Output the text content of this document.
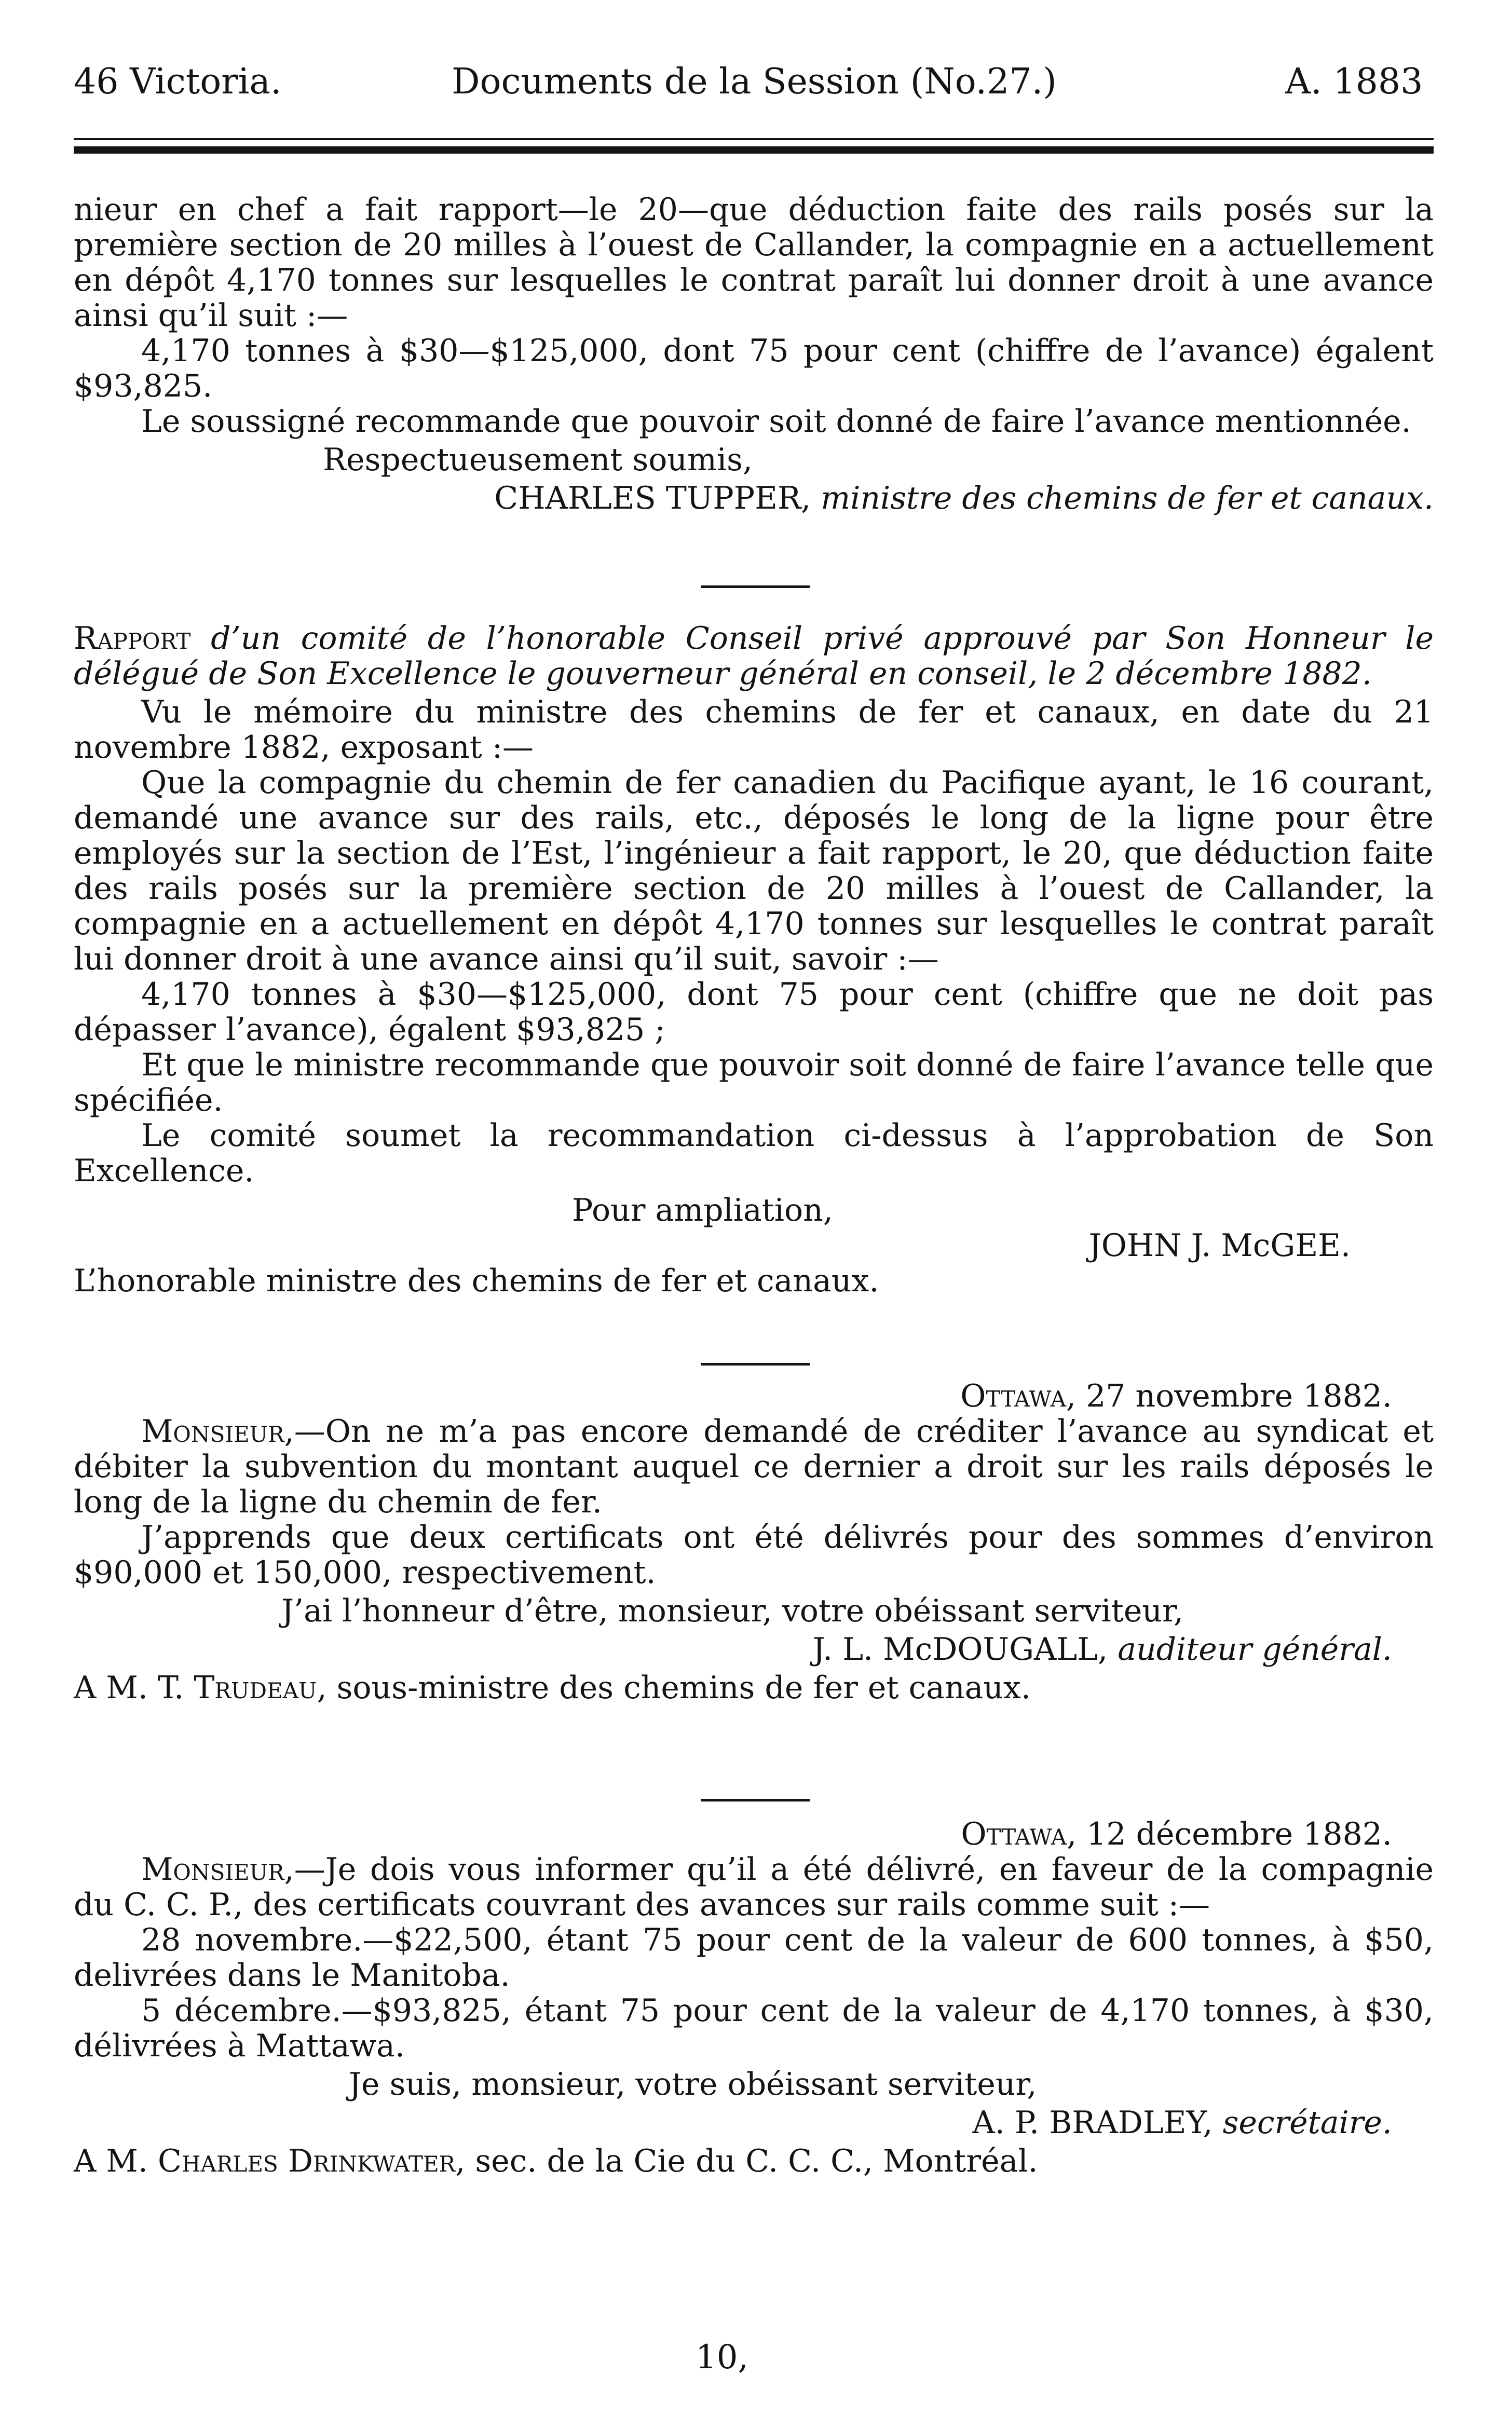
46 Victoria.	Documents de la Session (No.27.)	A. 1883

nieur en chef a fait rapport—le 20—que déduction faite des rails posés sur la première section de 20 milles à l’ouest de Callander, la compagnie en a actuellement en dépôt 4,170 tonnes sur lesquelles le contrat paraît lui donner droit à une avance ainsi qu’il suit :—

4,170 tonnes à $30—$125,000, dont 75 pour cent (chiffre de l’avance) égalent $93,825.

Le soussigné recommande que pouvoir soit donné de faire l’avance mentionnée.

Respectueusement soumis,

CHARLES TUPPER, ministre des chemins de fer et canaux.

Rapport d’un comité de l’honorable Conseil privé approuvé par Son Honneur le délégué de Son Excellence le gouverneur général en conseil, le 2 décembre 1882.

Vu le mémoire du ministre des chemins de fer et canaux, en date du 21 novembre 1882, exposant :—

Que la compagnie du chemin de fer canadien du Pacifique ayant, le 16 courant, demandé une avance sur des rails, etc., déposés le long de la ligne pour être employés sur la section de l’Est, l’ingénieur a fait rapport, le 20, que déduction faite des rails posés sur la première section de 20 milles à l’ouest de Callander, la compagnie en a actuellement en dépôt 4,170 tonnes sur lesquelles le contrat paraît lui donner droit à une avance ainsi qu’il suit, savoir :—

4,170 tonnes à $30—$125,000, dont 75 pour cent (chiffre que ne doit pas dépasser l’avance), égalent $93,825 ;

Et que le ministre recommande que pouvoir soit donné de faire l’avance telle que spécifiée.

Le comité soumet la recommandation ci-dessus à l’approbation de Son Excellence.

Pour ampliation,

JOHN J. McGEE.

L’honorable ministre des chemins de fer et canaux.

Ottawa, 27 novembre 1882.

Monsieur,—On ne m’a pas encore demandé de créditer l’avance au syndicat et débiter la subvention du montant auquel ce dernier a droit sur les rails déposés le long de la ligne du chemin de fer.

J’apprends que deux certificats ont été délivrés pour des sommes d’environ $90,000 et 150,000, respectivement.

J’ai l’honneur d’être, monsieur, votre obéissant serviteur,

J. L. McDOUGALL, auditeur général.

A M. T. Trudeau, sous-ministre des chemins de fer et canaux.

Ottawa, 12 décembre 1882.

Monsieur,—Je dois vous informer qu’il a été délivré, en faveur de la compagnie du C. C. P., des certificats couvrant des avances sur rails comme suit :—

28 novembre.—$22,500, étant 75 pour cent de la valeur de 600 tonnes, à $50, delivrées dans le Manitoba.

5 décembre.—$93,825, étant 75 pour cent de la valeur de 4,170 tonnes, à $30, délivrées à Mattawa.

Je suis, monsieur, votre obéissant serviteur,

A. P. BRADLEY, secrétaire.

A M. Charles Drinkwater, sec. de la Cie du C. C. C., Montréal.

10,
